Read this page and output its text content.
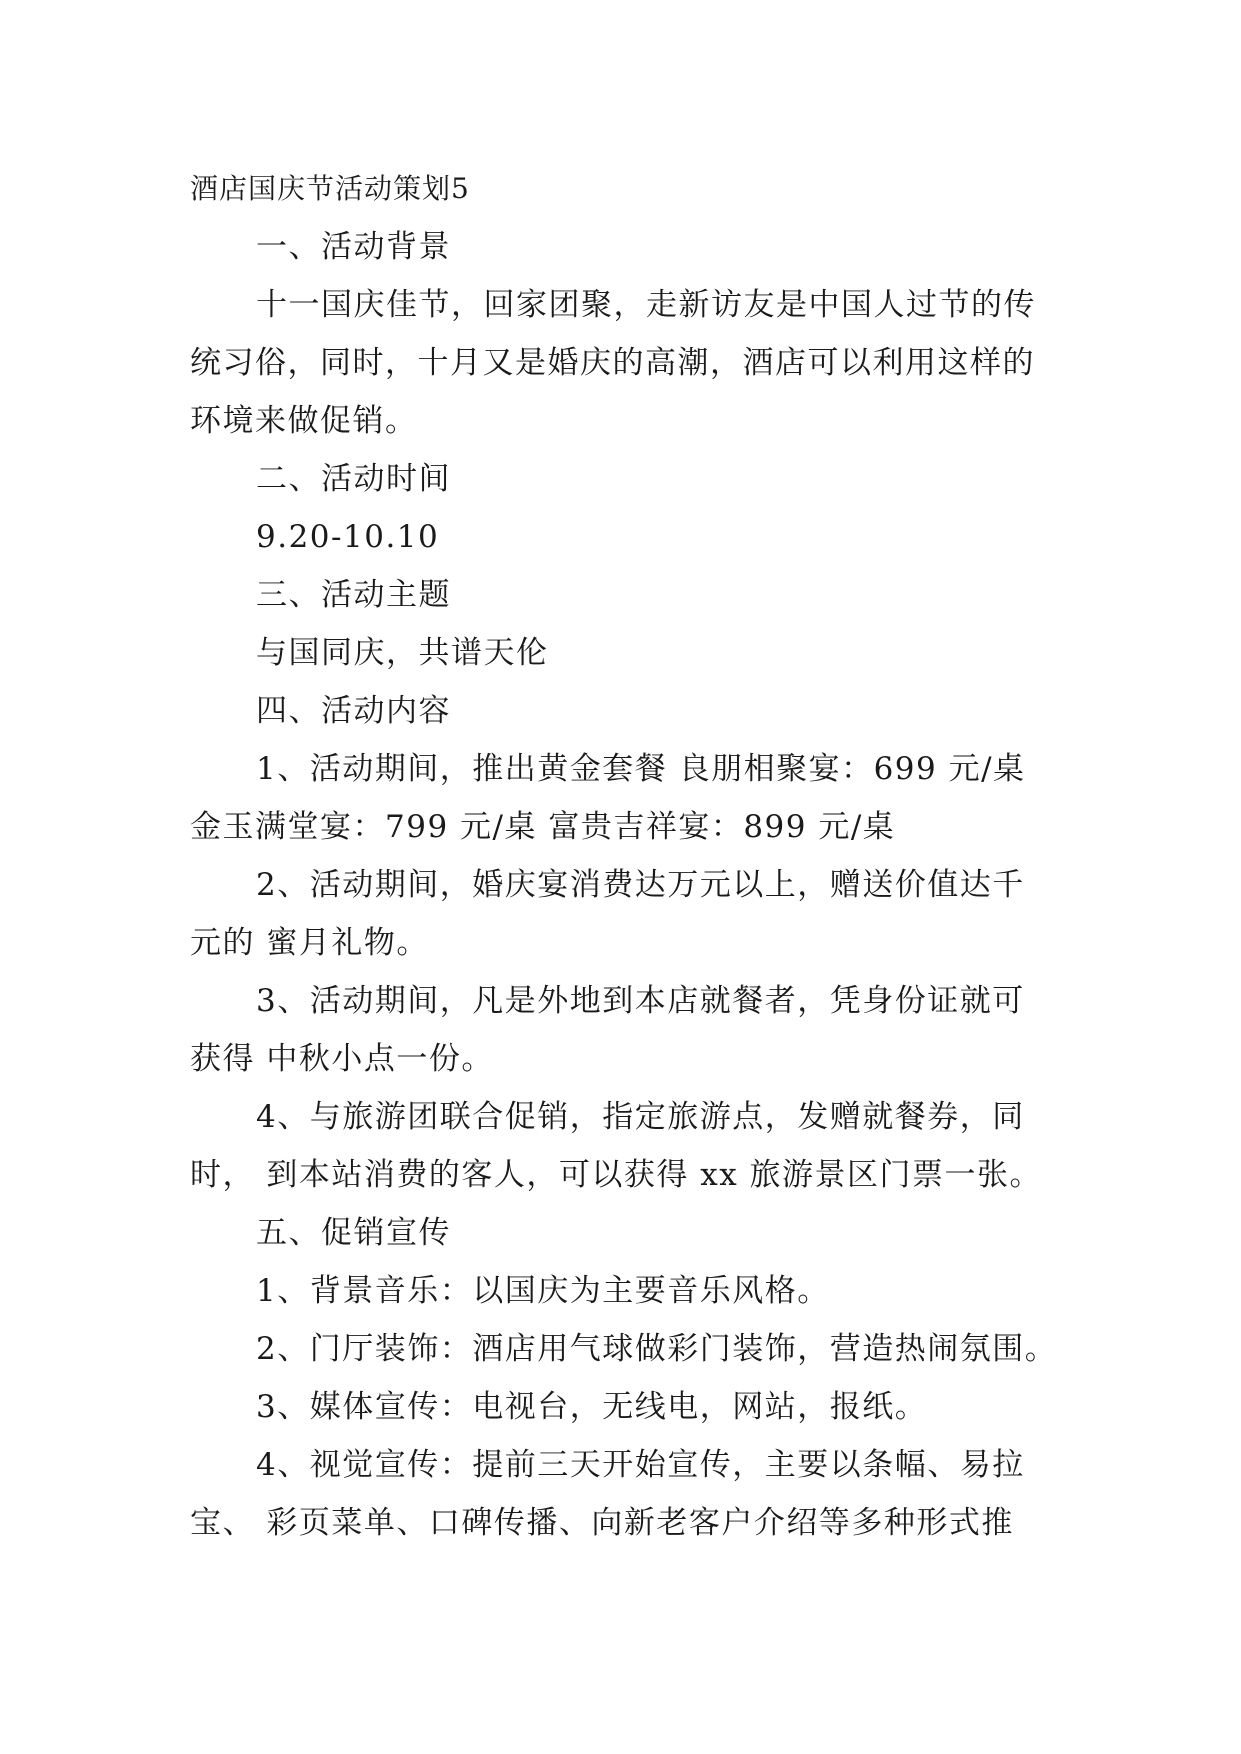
酒店国庆节活动策划5
一、活动背景
十一国庆佳节，回家团聚，走新访友是中国人过节的传
统习俗，同时，十月又是婚庆的高潮，酒店可以利用这样的
环境来做促销。
二、活动时间
9.20-10.10
三、活动主题
与国同庆，共谱天伦
四、活动内容
1、活动期间，推出黄金套餐 良朋相聚宴：699 元/桌
金玉满堂宴：799 元/桌 富贵吉祥宴：899 元/桌
2、活动期间，婚庆宴消费达万元以上，赠送价值达千
元的 蜜月礼物。
3、活动期间，凡是外地到本店就餐者，凭身份证就可
获得 中秋小点一份。
4、与旅游团联合促销，指定旅游点，发赠就餐券，同
时， 到本站消费的客人，可以获得 xx 旅游景区门票一张。
五、促销宣传
1、背景音乐：以国庆为主要音乐风格。
2、门厅装饰：酒店用气球做彩门装饰，营造热闹氛围。
3、媒体宣传：电视台，无线电，网站，报纸。
4、视觉宣传：提前三天开始宣传，主要以条幅、易拉
宝、 彩页菜单、口碑传播、向新老客户介绍等多种形式推
